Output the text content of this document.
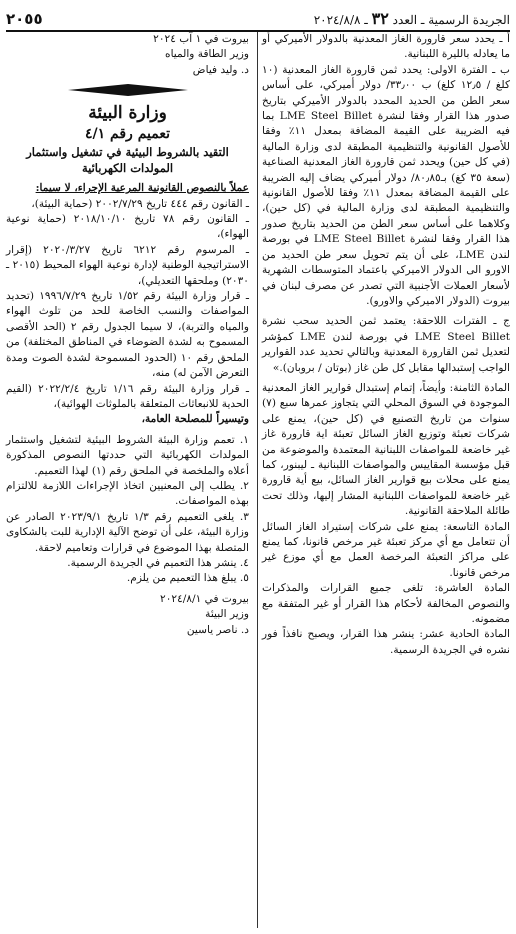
الجريدة الرسمية ـ العدد ٣٢ ـ ٢٠٢٤/٨/٨
٢٠٥٥

أ ـ يحدد سعر قارورة الغاز المعدنية بالدولار الأميركي أو ما يعادله بالليرة اللبنانية.

ب ـ الفترة الاولى: يحدد ثمن قارورة الغاز المعدنية (١٠ كلغ / ١٢٫٥ كلغ) ب ٣٣٫٠٠/ دولار أميركي، على أساس سعر الطن من الحديد المحدد بالدولار الأميركي بتاريخ صدور هذا القرار وفقا لنشرة LME Steel Billet بما فيه الضريبة على القيمة المضافة بمعدل ١١٪ وفقا للأصول القانونية والتنظيمية المطبقة لدى وزارة المالية (في كل حين) ويحدد ثمن قارورة الغاز المعدنية الصناعية (سعة ٣٥ كغ) بـ٨٠٫٨٥/ دولار أميركي يضاف إليه الضريبة على القيمة المضافة بمعدل ١١٪ وفقا للأصول القانونية والتنظيمية المطبقة لدى وزارة المالية في (كل حين)، وكلاهما على أساس سعر الطن من الحديد بتاريخ صدور هذا القرار وفقا لنشرة LME Steel Billet في بورصة لندن LME، على أن يتم تحويل سعر طن الحديد من الاورو الى الدولار الاميركي باعتماد المتوسطات الشهرية لأسعار العملات الأجنبية التي تصدر عن مصرف لبنان في بيروت (الدولار الاميركي والاورو).

ج ـ الفترات اللاحقة: يعتمد ثمن الحديد سحب نشرة LME Steel Billet في بورصة لندن LME كمؤشر لتعديل ثمن القارورة المعدنية وبالتالي تحديد عدد القوارير الواجب إستبدالها مقابل كل طن غاز (بوتان / بروبان).»

المادة الثامنة: وأيضاً، إتمام إستبدال قوارير الغاز المعدنية الموجودة في السوق المحلي التي يتجاوز عمرها سبع (٧) سنوات من تاريخ التصنيع في (كل حين)، يمنع على شركات تعبئة وتوزيع الغاز السائل تعبئة اية قارورة غاز غير خاضعة للمواصفات اللبنانية المعتمدة والموضوعة من قبل مؤسسة المقاييس والمواصفات اللبنانية ـ ليبنور، كما يمنع على محلات بيع قوارير الغاز السائل، بيع أية قارورة غير خاضعة للمواصفات اللبنانية المشار إليها، وذلك تحت طائلة الملاحقة القانونية.

المادة التاسعة: يمنع على شركات إستيراد الغاز السائل أن تتعامل مع أي مركز تعبئة غير مرخص قانونا، كما يمنع على مراكز التعبئة المرخصة العمل مع أي موزع غير مرخص قانونا.

المادة العاشرة: تلغى جميع القرارات والمذكرات والنصوص المخالفة لأحكام هذا القرار أو غير المتفقة مع مضمونه.

المادة الحادية عشر: ينشر هذا القرار، ويصبح نافذاً فور نشره في الجريدة الرسمية.

بيروت في ١ آب ٢٠٢٤
وزير الطاقة والمياه
د. وليد فياض
وزارة البيئة
تعميم رقم ٤/١
التقيد بالشروط البيئية في تشغيل واستثمار المولدات الكهربائية

عملاً بالنصوص القانونية المرعية الإجراء، لا سيما:

ـ القانون رقم ٤٤٤ تاريخ ٢٠٠٢/٧/٢٩ (حماية البيئة)،

ـ القانون رقم ٧٨ تاريخ ٢٠١٨/١٠/١٠ (حماية نوعية الهواء)،

ـ المرسوم رقم ٦٢١٢ تاريخ ٢٠٢٠/٣/٢٧ (إقرار الاستراتيجية الوطنية لإدارة نوعية الهواء المحيط (٢٠١٥ ـ ٢٠٣٠) وملحقها التعديلي)،

ـ قرار وزارة البيئة رقم ١/٥٢ تاريخ ١٩٩٦/٧/٢٩ (تحديد المواصفات والنسب الخاصة للحد من تلوث الهواء والمياه والتربة)، لا سيما الجدول رقم ٢ (الحد الأقصى المسموح به لشدة الضوضاء في المناطق المختلفة) من الملحق رقم ١٠ (الحدود المسموحة لشدة الصوت ومدة التعرض الآمن له) منه،

ـ قرار وزارة البيئة رقم ١/١٦ تاريخ ٢٠٢٢/٢/٤ (القيم الحدية للانبعاثات المتعلقة بالملوثات الهوائية)،

وتيسيراً للمصلحة العامة،

١. تعمم وزارة البيئة الشروط البيئية لتشغيل واستثمار المولدات الكهربائية التي حددتها النصوص المذكورة أعلاه والملخصة في الملحق رقم (١) لهذا التعميم.

٢. يطلب إلى المعنيين اتخاذ الإجراءات اللازمة للالتزام بهذه المواصفات.

٣. يلغى التعميم رقم ١/٣ تاريخ ٢٠٢٣/٩/١ الصادر عن وزارة البيئة، على أن توضح الآلية الإدارية للبت بالشكاوى المتصلة بهذا الموضوع في قرارات وتعاميم لاحقة.

٤. ينشر هذا التعميم في الجريدة الرسمية.

٥. يبلغ هذا التعميم من يلزم.

بيروت في ٢٠٢٤/٨/١
وزير البيئة
د. ناصر ياسين
